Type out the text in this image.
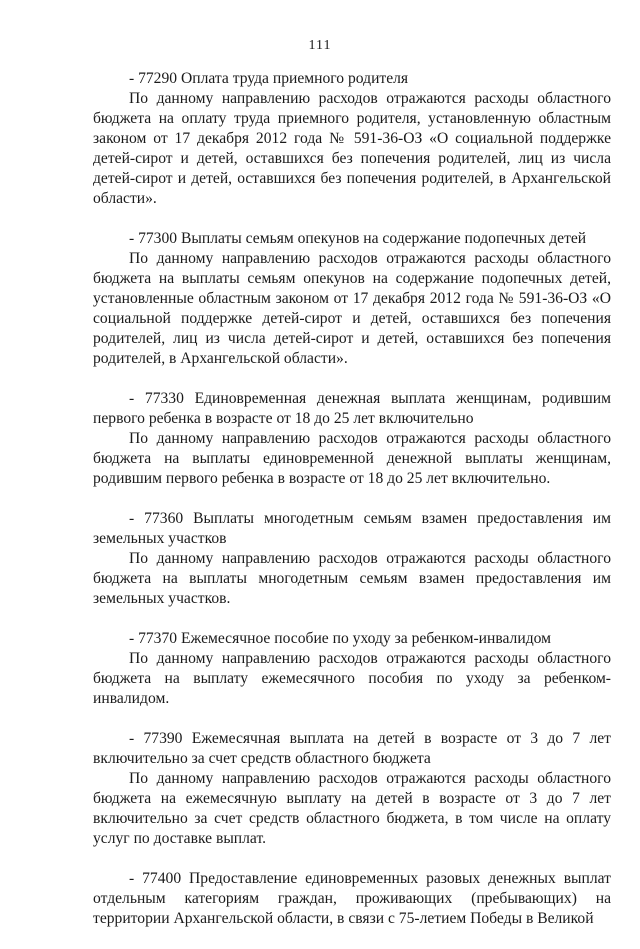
111

- 77290 Оплата труда приемного родителя

По данному направлению расходов отражаются расходы областного бюджета на оплату труда приемного родителя, установленную областным законом от 17 декабря 2012 года № 591-36-ОЗ «О социальной поддержке детей-сирот и детей, оставшихся без попечения родителей, лиц из числа детей-сирот и детей, оставшихся без попечения родителей, в Архангельской области».

- 77300 Выплаты семьям опекунов на содержание подопечных детей

По данному направлению расходов отражаются расходы областного бюджета на выплаты семьям опекунов на содержание подопечных детей, установленные областным законом от 17 декабря 2012 года № 591-36-ОЗ «О социальной поддержке детей-сирот и детей, оставшихся без попечения родителей, лиц из числа детей-сирот и детей, оставшихся без попечения родителей, в Архангельской области».

- 77330 Единовременная денежная выплата женщинам, родившим первого ребенка в возрасте от 18 до 25 лет включительно

По данному направлению расходов отражаются расходы областного бюджета на выплаты единовременной денежной выплаты женщинам, родившим первого ребенка в возрасте от 18 до 25 лет включительно.

- 77360 Выплаты многодетным семьям взамен предоставления им земельных участков

По данному направлению расходов отражаются расходы областного бюджета на выплаты многодетным семьям взамен предоставления им земельных участков.

- 77370 Ежемесячное пособие по уходу за ребенком-инвалидом

По данному направлению расходов отражаются расходы областного бюджета на выплату ежемесячного пособия по уходу за ребенком-инвалидом.

- 77390 Ежемесячная выплата на детей в возрасте от 3 до 7 лет включительно за счет средств областного бюджета

По данному направлению расходов отражаются расходы областного бюджета на ежемесячную выплату на детей в возрасте от 3 до 7 лет включительно за счет средств областного бюджета, в том числе на оплату услуг по доставке выплат.

- 77400 Предоставление единовременных разовых денежных выплат отдельным категориям граждан, проживающих (пребывающих) на территории Архангельской области, в связи с 75-летием Победы в Великой
